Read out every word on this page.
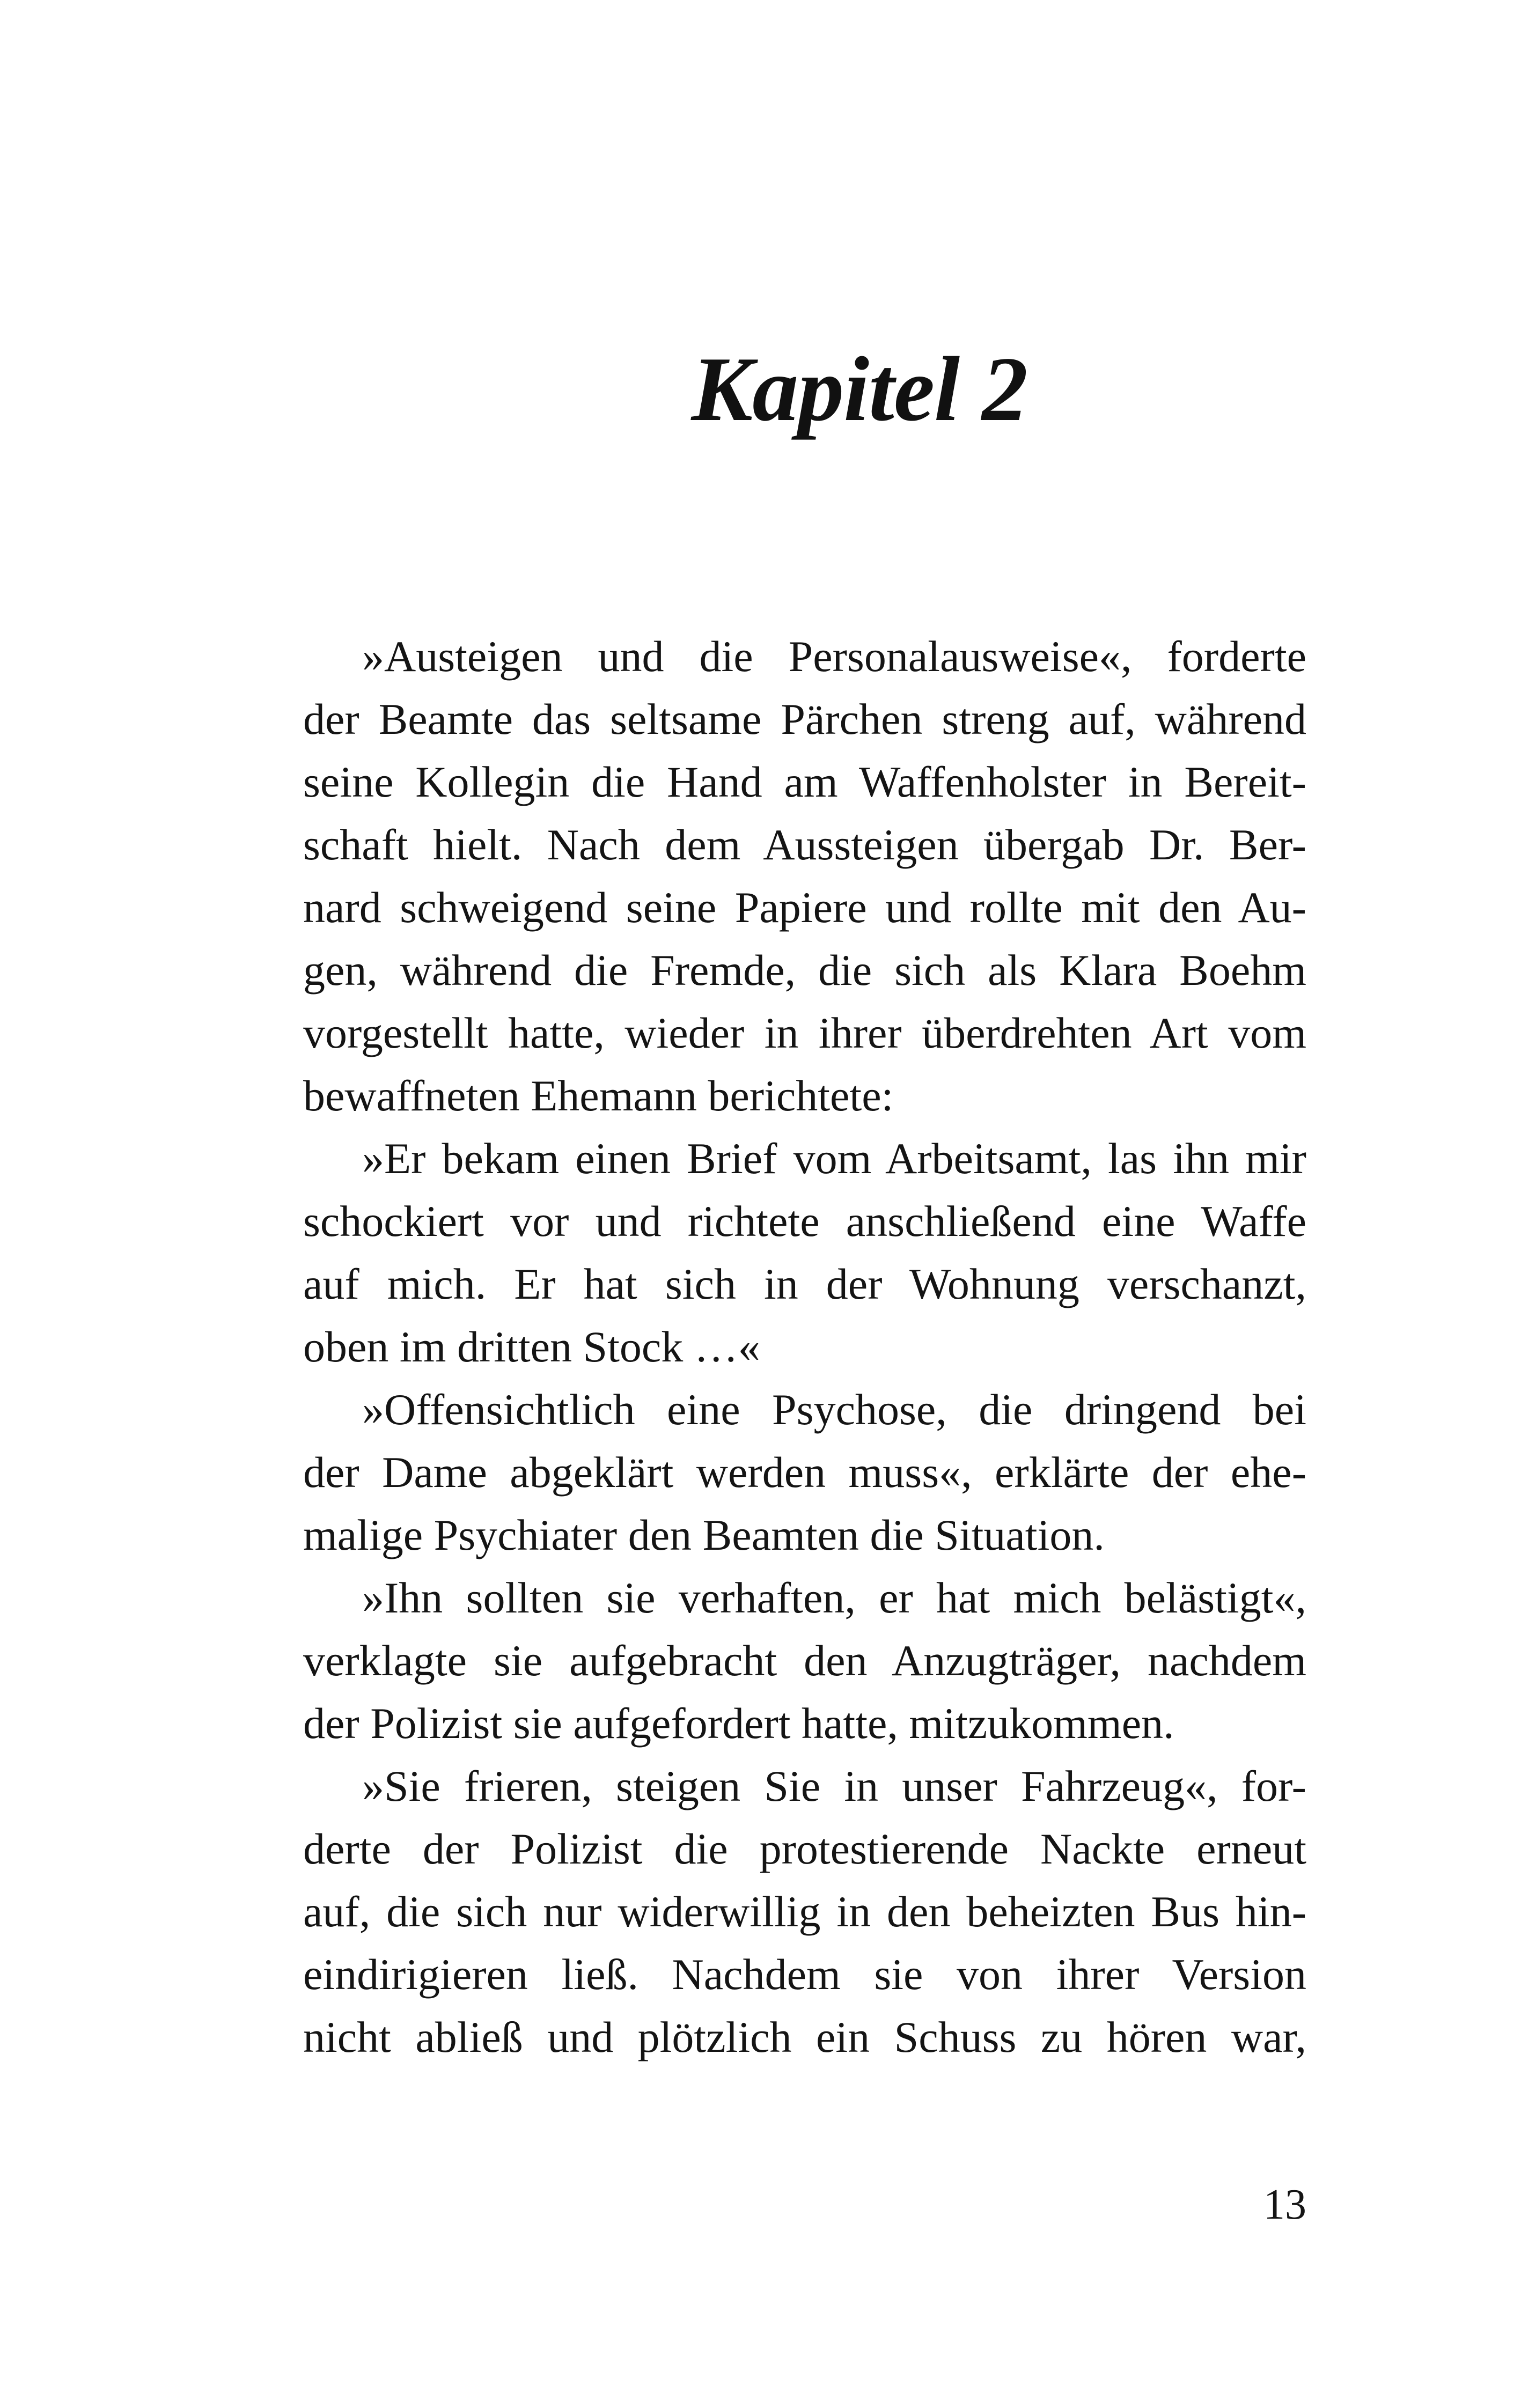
Kapitel 2
»Austeigen und die Personalausweise«, forderte
der Beamte das seltsame Pärchen streng auf, während
seine Kollegin die Hand am Waffenholster in Bereit-
schaft hielt. Nach dem Aussteigen übergab Dr. Ber-
nard schweigend seine Papiere und rollte mit den Au-
gen, während die Fremde, die sich als Klara Boehm
vorgestellt hatte, wieder in ihrer überdrehten Art vom
bewaffneten Ehemann berichtete:
»Er bekam einen Brief vom Arbeitsamt, las ihn mir
schockiert vor und richtete anschließend eine Waffe
auf mich. Er hat sich in der Wohnung verschanzt,
oben im dritten Stock …«
»Offensichtlich eine Psychose, die dringend bei
der Dame abgeklärt werden muss«, erklärte der ehe-
malige Psychiater den Beamten die Situation.
»Ihn sollten sie verhaften, er hat mich belästigt«,
verklagte sie aufgebracht den Anzugträger, nachdem
der Polizist sie aufgefordert hatte, mitzukommen.
»Sie frieren, steigen Sie in unser Fahrzeug«, for-
derte der Polizist die protestierende Nackte erneut
auf, die sich nur widerwillig in den beheizten Bus hin-
eindirigieren ließ. Nachdem sie von ihrer Version
nicht abließ und plötzlich ein Schuss zu hören war,
13
